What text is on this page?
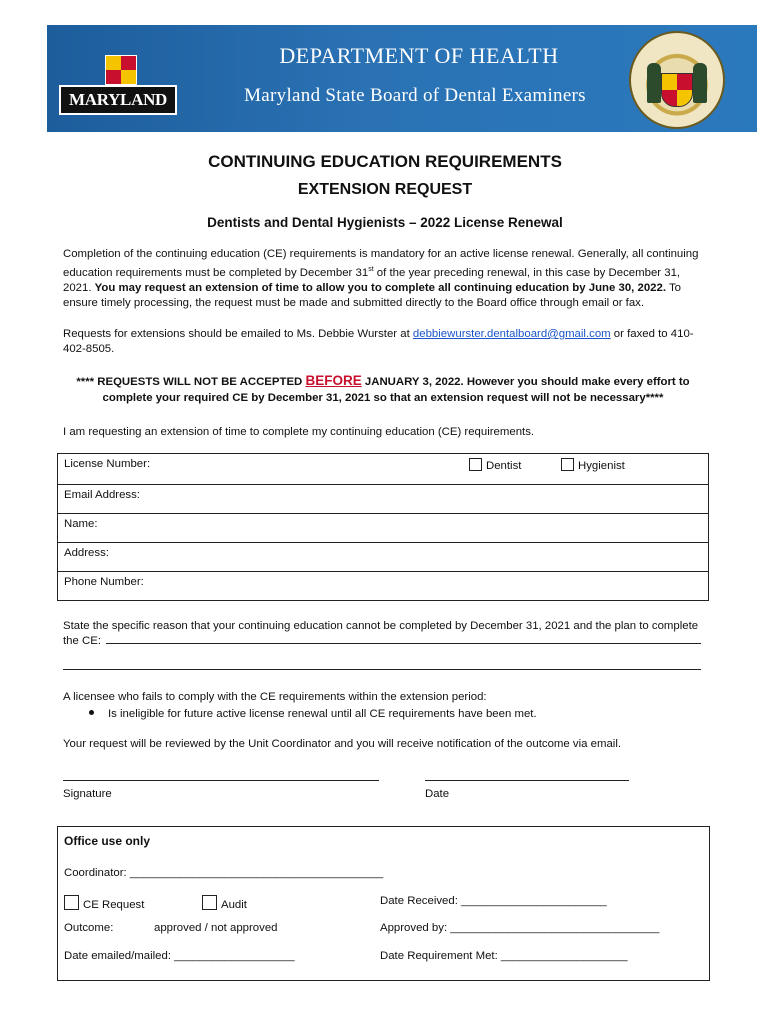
MARYLAND
DEPARTMENT OF HEALTH
Maryland State Board of Dental Examiners
CONTINUING EDUCATION REQUIREMENTS
EXTENSION REQUEST
Dentists and Dental Hygienists – 2022 License Renewal
Completion of the continuing education (CE) requirements is mandatory for an active license renewal. Generally, all continuing education requirements must be completed by December 31st of the year preceding renewal, in this case by December 31, 2021. You may request an extension of time to allow you to complete all continuing education by June 30, 2022. To ensure timely processing, the request must be made and submitted directly to the Board office through email or fax.
Requests for extensions should be emailed to Ms. Debbie Wurster at debbiewurster.dentalboard@gmail.com or faxed to 410-402-8505.
**** REQUESTS WILL NOT BE ACCEPTED BEFORE JANUARY 3, 2022. However you should make every effort to complete your required CE by December 31, 2021 so that an extension request will not be necessary****
I am requesting an extension of time to complete my continuing education (CE) requirements.
License Number:	Dentist	Hygienist

Email Address:
Name:
Address:
Phone Number:
State the specific reason that your continuing education cannot be completed by December 31, 2021 and the plan to complete
the CE:
A licensee who fails to comply with the CE requirements within the extension period:
Is ineligible for future active license renewal until all CE requirements have been met.
Your request will be reviewed by the Unit Coordinator and you will receive notification of the outcome via email.
Signature	Date
Office use only
Coordinator: ________________________________________
CE Request	Audit	Date Received: _______________________
Outcome:	approved / not approved	Approved by: _________________________________
Date emailed/mailed: ___________________	Date Requirement Met: ____________________
